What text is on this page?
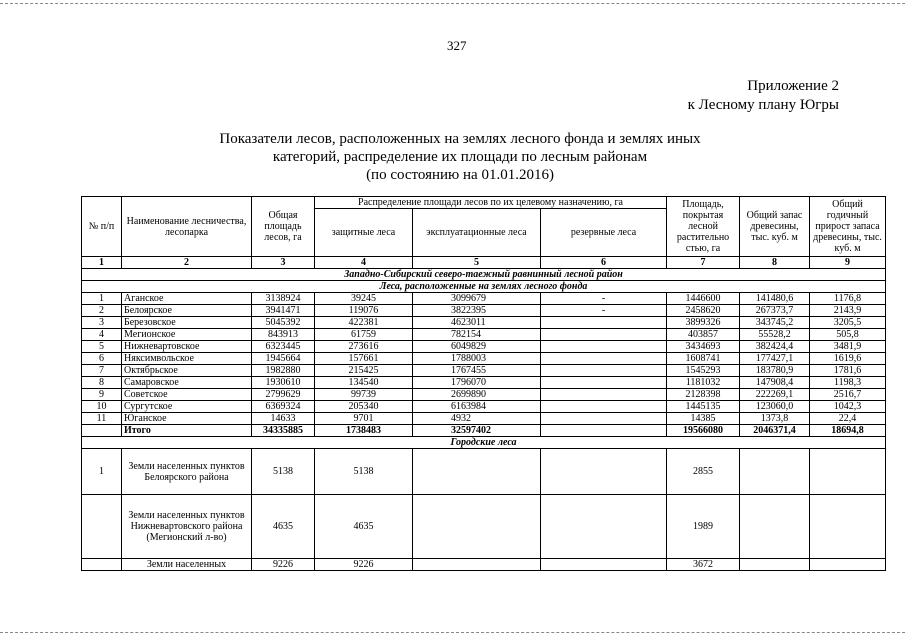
327
Приложение 2
к Лесному плану Югры
Показатели лесов, расположенных на землях лесного фонда и землях иных
категорий, распределение их площади по лесным районам
(по состоянию на 01.01.2016)
№ п/п	Наименование лесничества, лесопарка	Общая площадь лесов, га	Распределение площади лесов по их целевому назначению, га			Площадь, покрытая лесной растительно стью, га	Общий запас древесины, тыс. куб. м	Общий годичный прирост запаса древесины, тыс. куб. м
			защитные леса	эксплуатационные леса	резервные леса			
1	2	3	4	5	6	7	8	9
Западно-Сибирский северо-таежный равнинный лесной район								
Леса, расположенные на землях лесного фонда								
1	Аганское	3138924	39245	3099679	-	1446600	141480,6	1176,8
2	Белоярское	3941471	119076	3822395	-	2458620	267373,7	2143,9
3	Березовское	5045392	422381	4623011		3899326	343745,2	3205,5
4	Мегионское	843913	61759	782154		403857	55528,2	505,8
5	Нижневартовское	6323445	273616	6049829		3434693	382424,4	3481,9
6	Няксимвольское	1945664	157661	1788003		1608741	177427,1	1619,6
7	Октябрьское	1982880	215425	1767455		1545293	183780,9	1781,6
8	Самаровское	1930610	134540	1796070		1181032	147908,4	1198,3
9	Советское	2799629	99739	2699890		2128398	222269,1	2516,7
10	Сургутское	6369324	205340	6163984		1445135	123060,0	1042,3
11	Юганское	14633	9701	4932		14385	1373,8	22,4
	Итого	34335885	1738483	32597402		19566080	2046371,4	18694,8
Городские леса								
1	Земли населенных пунктов Белоярского района	5138	5138			2855		
	Земли населенных пунктов Нижневартовского района (Мегионский л-во)	4635	4635			1989		
	Земли населенных	9226	9226			3672		
